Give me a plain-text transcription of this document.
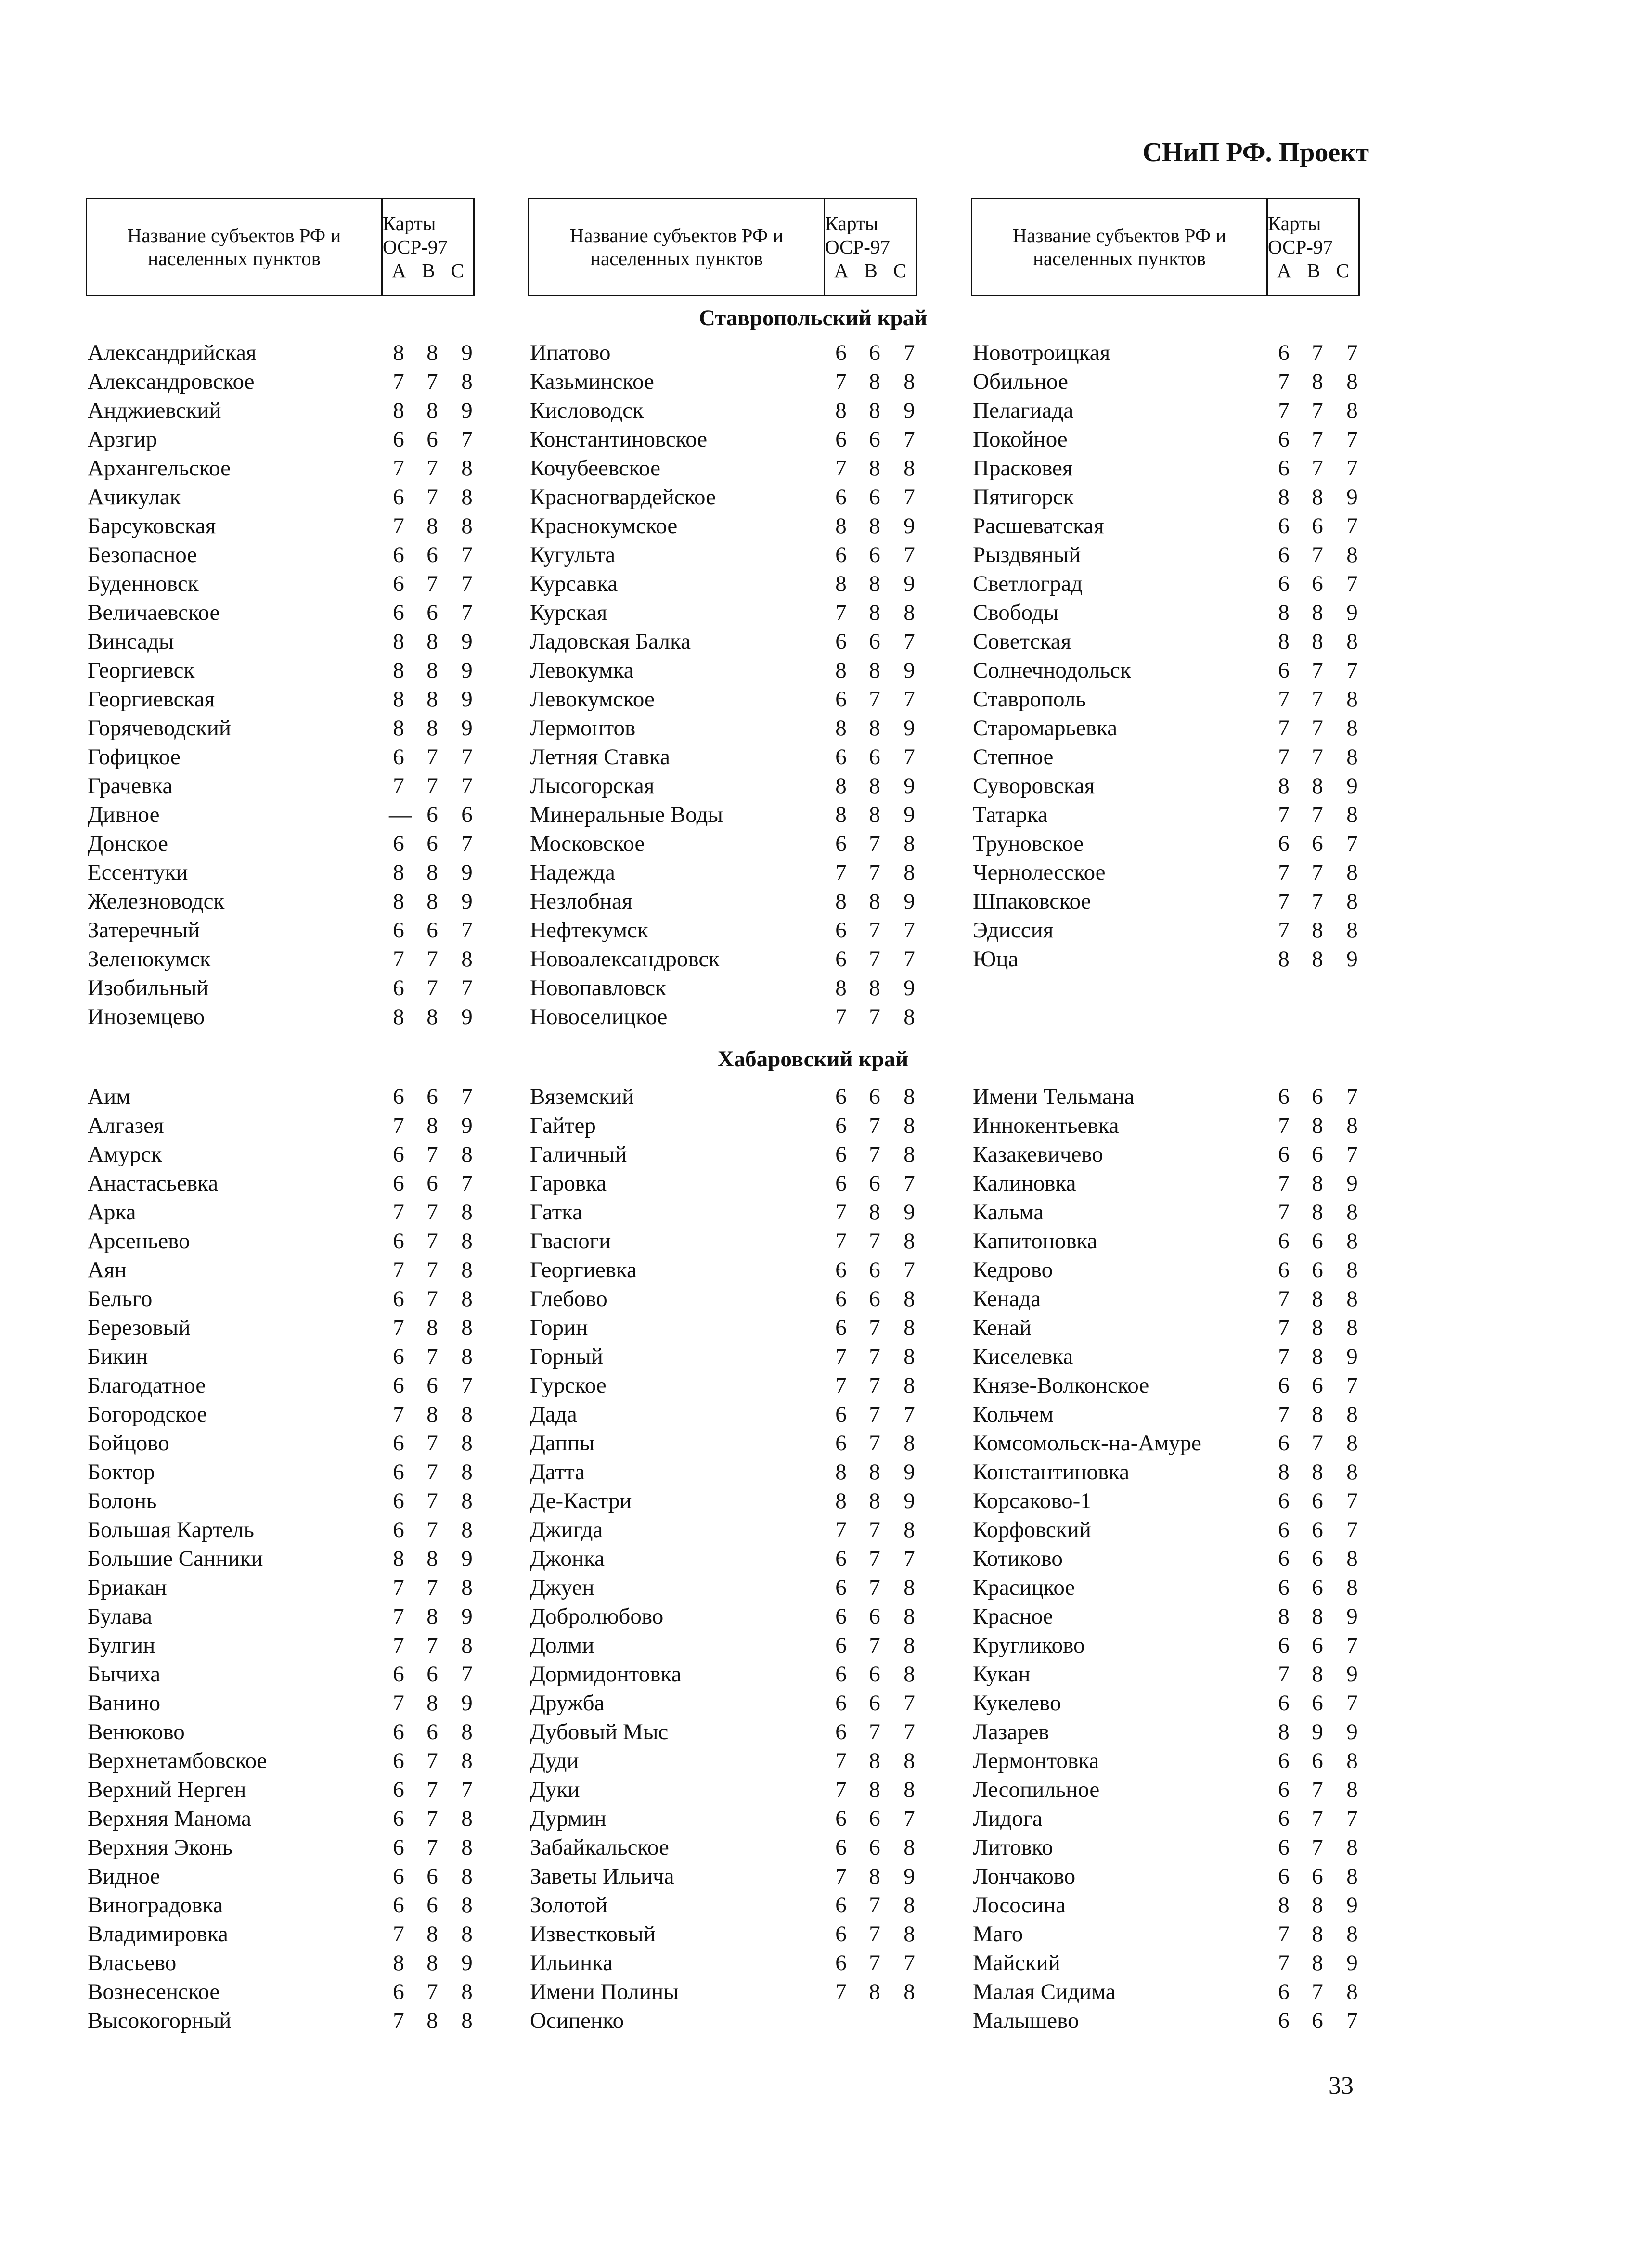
СНиП РФ. Проект
Название субъектов РФ и населенных пунктов
Карты ОСР-97
A B C
Название субъектов РФ и населенных пунктов
Карты ОСР-97
A B C
Название субъектов РФ и населенных пунктов
Карты ОСР-97
A B C
Ставропольский край
Александрийская	8 8 9
Александровское	7 7 8
Анджиевский	8 8 9
Арзгир	6 6 7
Архангельское	7 7 8
Ачикулак	6 7 8
Барсуковская	7 8 8
Безопасное	6 6 7
Буденновск	6 7 7
Величаевское	6 6 7
Винсады	8 8 9
Георгиевск	8 8 9
Георгиевская	8 8 9
Горячеводский	8 8 9
Гофицкое	6 7 7
Грачевка	7 7 7
Дивное	— 6 6
Донское	6 6 7
Ессентуки	8 8 9
Железноводск	8 8 9
Затеречный	6 6 7
Зеленокумск	7 7 8
Изобильный	6 7 7
Иноземцево	8 8 9
Ипатово	6 6 7
Казьминское	7 8 8
Кисловодск	8 8 9
Константиновское	6 6 7
Кочубеевское	7 8 8
Красногвардейское	6 6 7
Краснокумское	8 8 9
Кугульта	6 6 7
Курсавка	8 8 9
Курская	7 8 8
Ладовская Балка	6 6 7
Левокумка	8 8 9
Левокумское	6 7 7
Лермонтов	8 8 9
Летняя Ставка	6 6 7
Лысогорская	8 8 9
Минеральные Воды	8 8 9
Московское	6 7 8
Надежда	7 7 8
Незлобная	8 8 9
Нефтекумск	6 7 7
Новоалександровск	6 7 7
Новопавловск	8 8 9
Новоселицкое	7 7 8
Новотроицкая	6 7 7
Обильное	7 8 8
Пелагиада	7 7 8
Покойное	6 7 7
Прасковея	6 7 7
Пятигорск	8 8 9
Расшеватская	6 6 7
Рыздвяный	6 7 8
Светлоград	6 6 7
Свободы	8 8 9
Советская	8 8 8
Солнечнодольск	6 7 7
Ставрополь	7 7 8
Старомарьевка	7 7 8
Степное	7 7 8
Суворовская	8 8 9
Татарка	7 7 8
Труновское	6 6 7
Чернолесское	7 7 8
Шпаковское	7 7 8
Эдиссия	7 8 8
Юца	8 8 9
Хабаровский край
Аим	6 6 7
Алгазея	7 8 9
Амурск	6 7 8
Анастасьевка	6 6 7
Арка	7 7 8
Арсеньево	6 7 8
Аян	7 7 8
Бельго	6 7 8
Березовый	7 8 8
Бикин	6 7 8
Благодатное	6 6 7
Богородское	7 8 8
Бойцово	6 7 8
Боктор	6 7 8
Болонь	6 7 8
Большая Картель	6 7 8
Большие Санники	8 8 9
Бриакан	7 7 8
Булава	7 8 9
Булгин	7 7 8
Бычиха	6 6 7
Ванино	7 8 9
Венюково	6 6 8
Верхнетамбовское	6 7 8
Верхний Нерген	6 7 7
Верхняя Манома	6 7 8
Верхняя Эконь	6 7 8
Видное	6 6 8
Виноградовка	6 6 8
Владимировка	7 8 8
Власьево	8 8 9
Вознесенское	6 7 8
Высокогорный	7 8 8
Вяземский	6 6 8
Гайтер	6 7 8
Галичный	6 7 8
Гаровка	6 6 7
Гатка	7 8 9
Гвасюги	7 7 8
Георгиевка	6 6 7
Глебово	6 6 8
Горин	6 7 8
Горный	7 7 8
Гурское	7 7 8
Дада	6 7 7
Даппы	6 7 8
Датта	8 8 9
Де-Кастри	8 8 9
Джигда	7 7 8
Джонка	6 7 7
Джуен	6 7 8
Добролюбово	6 6 8
Долми	6 7 8
Дормидонтовка	6 6 8
Дружба	6 6 7
Дубовый Мыс	6 7 7
Дуди	7 8 8
Дуки	7 8 8
Дурмин	6 6 7
Забайкальское	6 6 8
Заветы Ильича	7 8 9
Золотой	6 7 8
Известковый	6 7 8
Ильинка	6 7 7
Имени Полины	7 8 8
Осипенко
Имени Тельмана	6 6 7
Иннокентьевка	7 8 8
Казакевичево	6 6 7
Калиновка	7 8 9
Кальма	7 8 8
Капитоновка	6 6 8
Кедрово	6 6 8
Кенада	7 8 8
Кенай	7 8 8
Киселевка	7 8 9
Князе-Волконское	6 6 7
Кольчем	7 8 8
Комсомольск-на-Амуре	6 7 8
Константиновка	8 8 8
Корсаково-1	6 6 7
Корфовский	6 6 7
Котиково	6 6 8
Красицкое	6 6 8
Красное	8 8 9
Кругликово	6 6 7
Кукан	7 8 9
Кукелево	6 6 7
Лазарев	8 9 9
Лермонтовка	6 6 8
Лесопильное	6 7 8
Лидога	6 7 7
Литовко	6 7 8
Лончаково	6 6 8
Лососина	8 8 9
Маго	7 8 8
Майский	7 8 9
Малая Сидима	6 7 8
Малышево	6 6 7
33
